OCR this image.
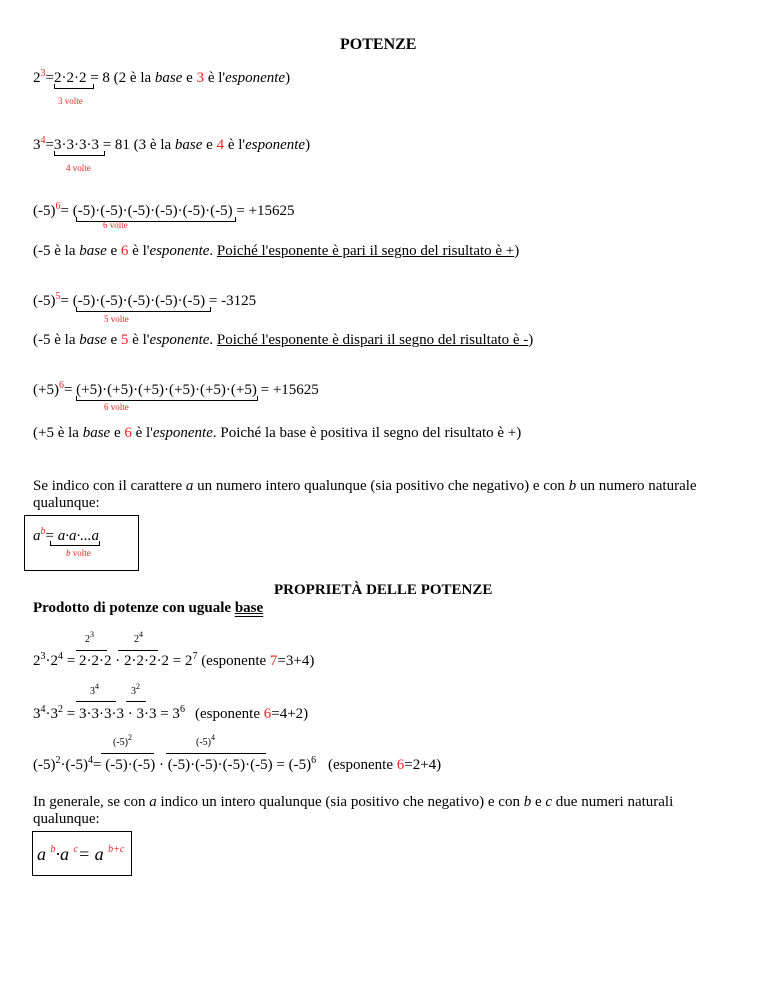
POTENZE
$2^3=2\cdot 2\cdot 2 = 8$ (2 è la base e 3 è l'esponente)
3 volte
$3^4=3\cdot 3\cdot 3\cdot 3 = 81$ (3 è la base e 4 è l'esponente)
4 volte
$(-5)^6= (-5)\cdot(-5)\cdot(-5)\cdot(-5)\cdot(-5)\cdot(-5) = +15625$
6 volte
(-5 è la base e 6 è l'esponente. Poiché l'esponente è pari il segno del risultato è +)
$(-5)^5= (-5)\cdot(-5)\cdot(-5)\cdot(-5)\cdot(-5) = -3125$
5 volte
(-5 è la base e 5 è l'esponente. Poiché l'esponente è dispari il segno del risultato è -)
$(+5)^6= (+5)\cdot(+5)\cdot(+5)\cdot(+5)\cdot(+5)\cdot(+5) = +15625$
6 volte
(+5 è la base e 6 è l'esponente. Poiché la base è positiva il segno del risultato è +)
Se indico con il carattere a un numero intero qualunque (sia positivo che negativo) e con b un numero naturale
qualunque:
$a^b= a\cdot a\cdot...a$
b volte
PROPRIETÀ DELLE POTENZE
Prodotto di potenze con uguale base
$2^3$	$2^4$
$2^3\cdot 2^4 = 2\cdot 2\cdot 2 \cdot 2\cdot 2\cdot 2\cdot 2 = 2^7$ (esponente 7=3+4)
$3^4$	$3^2$
$3^4\cdot 3^2 = 3\cdot 3\cdot 3\cdot 3 \cdot 3\cdot 3 = 3^6$ (esponente 6=4+2)
$(-5)^2$	$(-5)^4$
$(-5)^2\cdot(-5)^4= (-5)\cdot(-5) \cdot (-5)\cdot(-5)\cdot(-5)\cdot(-5) = (-5)^6$ (esponente 6=2+4)
In generale, se con a indico un intero qualunque (sia positivo che negativo) e con b e c due numeri naturali
qualunque:
a $^b$·a $^c$= a $^{b+c}$
